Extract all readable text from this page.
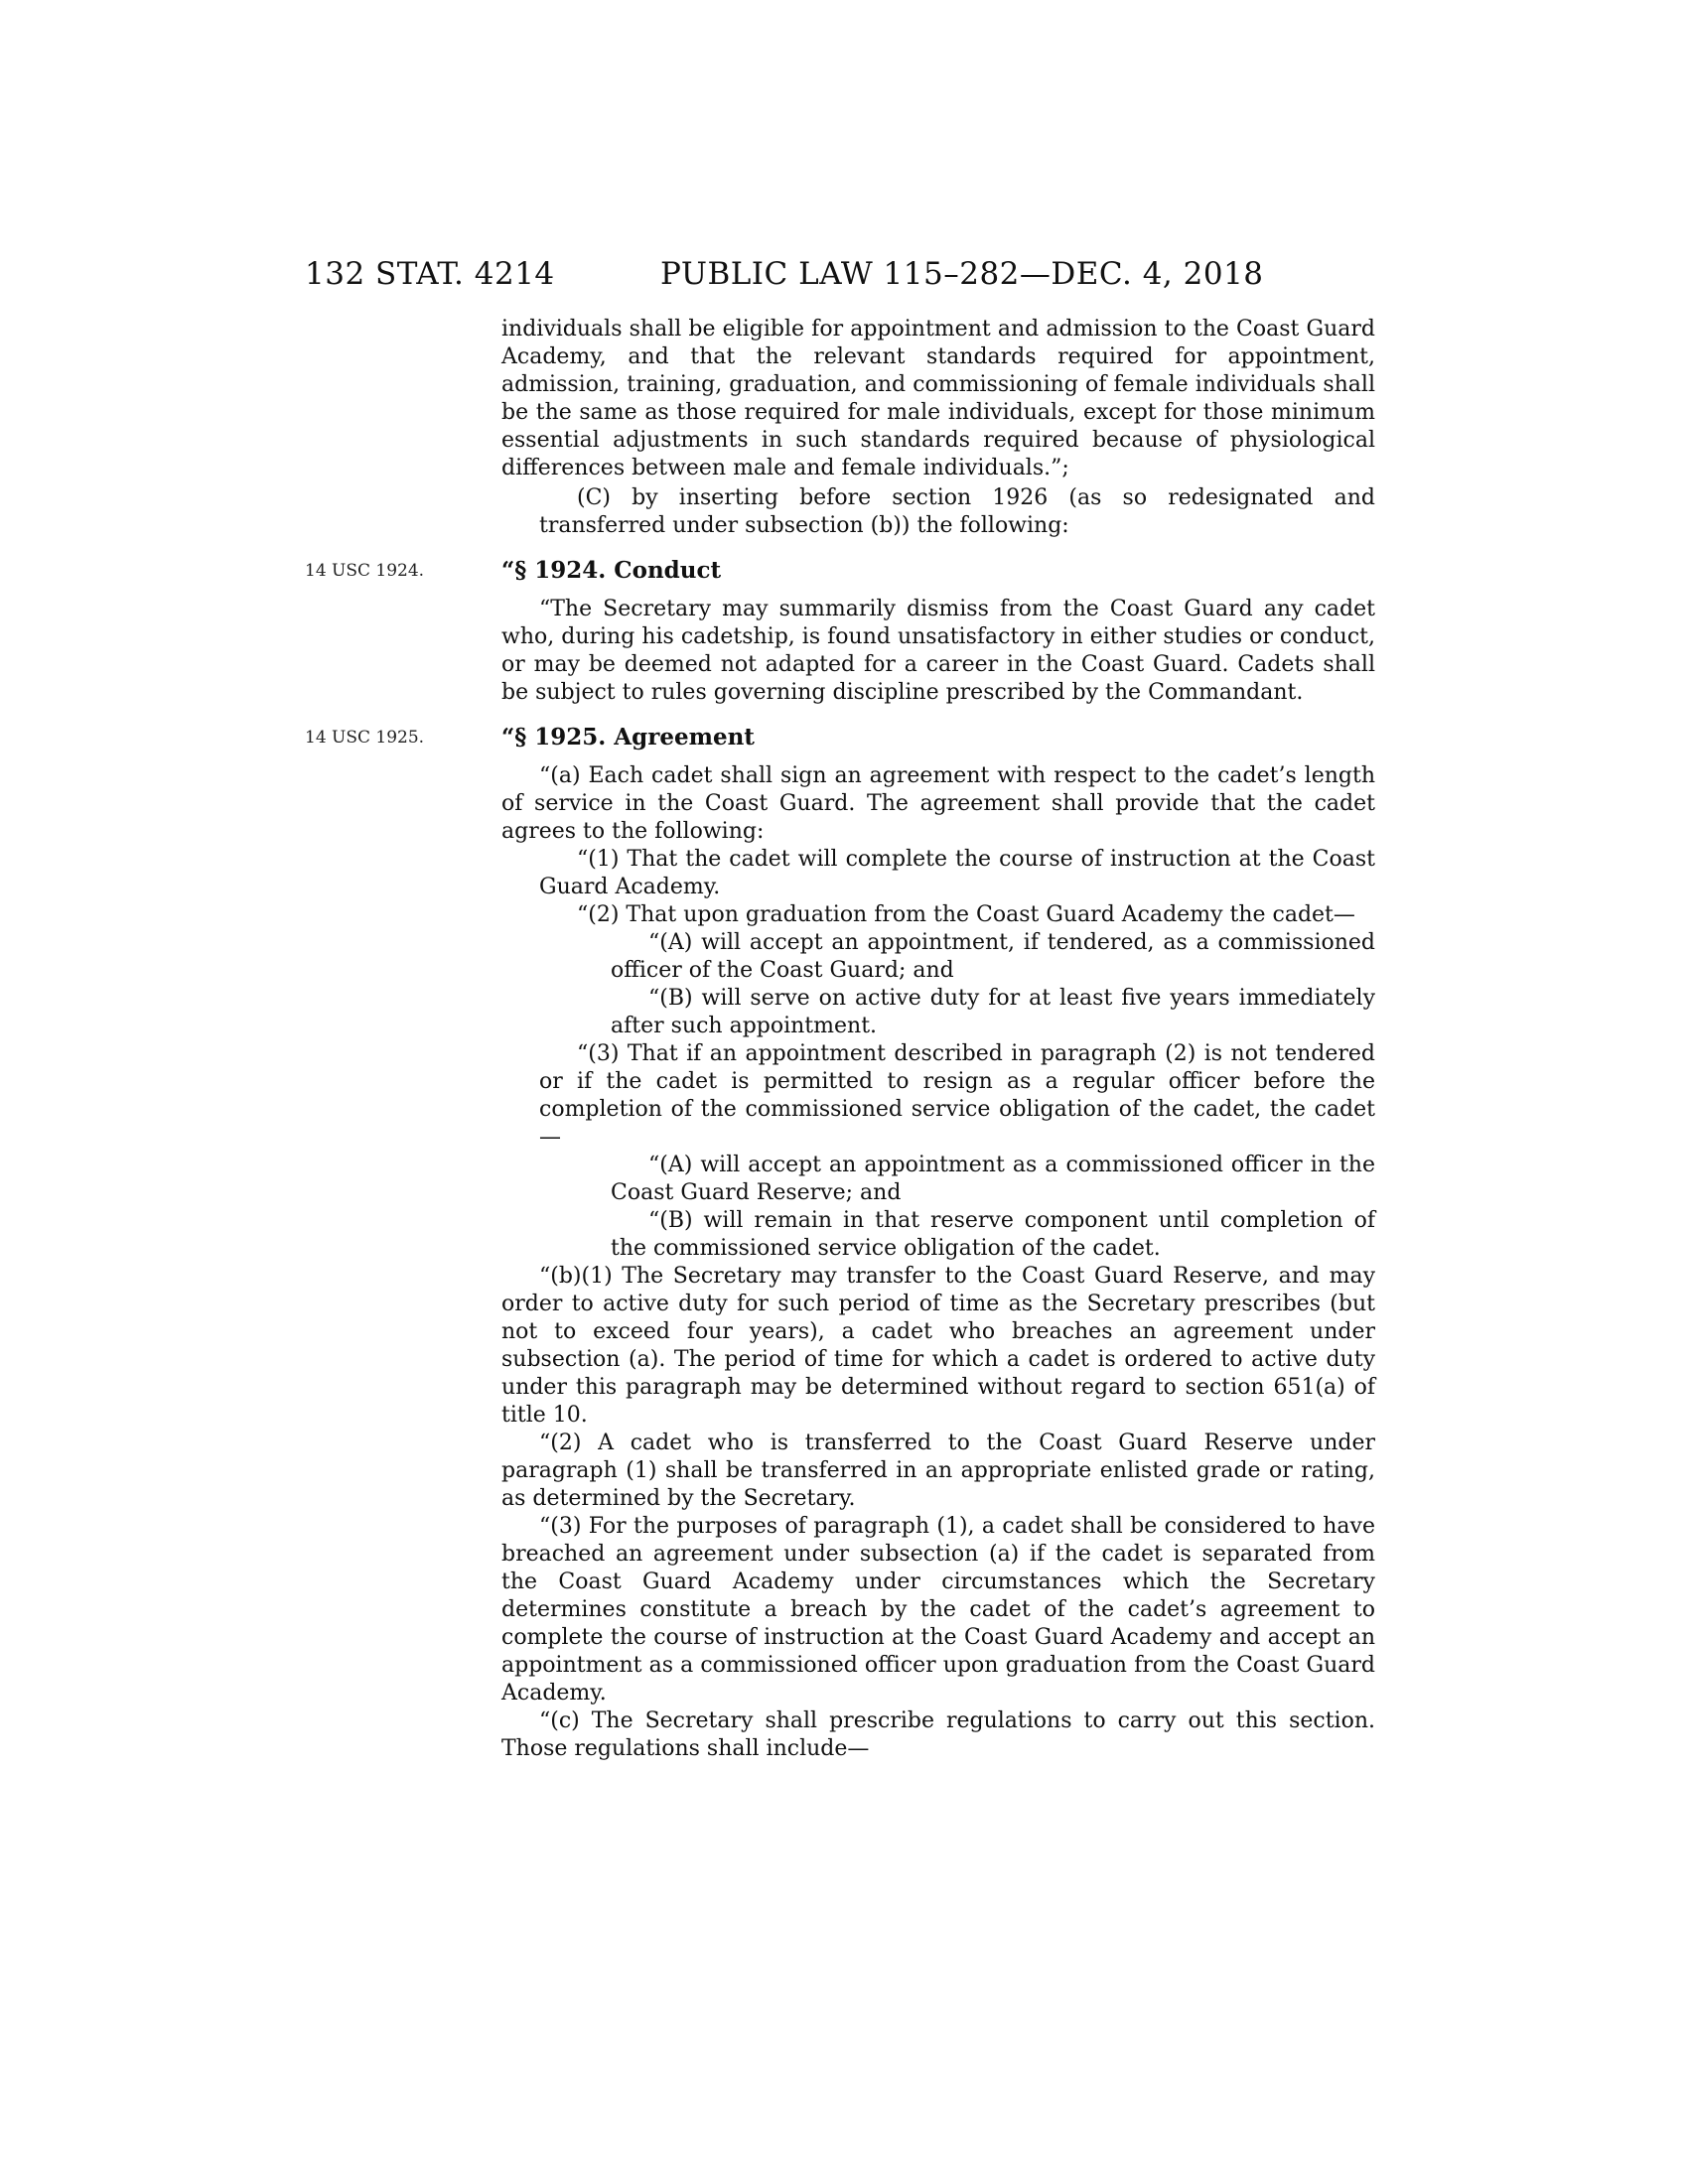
132 STAT. 4214	PUBLIC LAW 115–282—DEC. 4, 2018

individuals shall be eligible for appointment and admission to the Coast Guard Academy, and that the relevant standards required for appointment, admission, training, graduation, and commissioning of female individuals shall be the same as those required for male individuals, except for those minimum essential adjustments in such standards required because of physiological differences between male and female individuals.”;

(C) by inserting before section 1926 (as so redesignated and transferred under subsection (b)) the following:

14 USC 1924.	“§ 1924. Conduct

“The Secretary may summarily dismiss from the Coast Guard any cadet who, during his cadetship, is found unsatisfactory in either studies or conduct, or may be deemed not adapted for a career in the Coast Guard. Cadets shall be subject to rules governing discipline prescribed by the Commandant.

14 USC 1925.	“§ 1925. Agreement

“(a) Each cadet shall sign an agreement with respect to the cadet’s length of service in the Coast Guard. The agreement shall provide that the cadet agrees to the following:

“(1) That the cadet will complete the course of instruction at the Coast Guard Academy.

“(2) That upon graduation from the Coast Guard Academy the cadet—

“(A) will accept an appointment, if tendered, as a commissioned officer of the Coast Guard; and

“(B) will serve on active duty for at least five years immediately after such appointment.

“(3) That if an appointment described in paragraph (2) is not tendered or if the cadet is permitted to resign as a regular officer before the completion of the commissioned service obligation of the cadet, the cadet—

“(A) will accept an appointment as a commissioned officer in the Coast Guard Reserve; and

“(B) will remain in that reserve component until completion of the commissioned service obligation of the cadet.

“(b)(1) The Secretary may transfer to the Coast Guard Reserve, and may order to active duty for such period of time as the Secretary prescribes (but not to exceed four years), a cadet who breaches an agreement under subsection (a). The period of time for which a cadet is ordered to active duty under this paragraph may be determined without regard to section 651(a) of title 10.

“(2) A cadet who is transferred to the Coast Guard Reserve under paragraph (1) shall be transferred in an appropriate enlisted grade or rating, as determined by the Secretary.

“(3) For the purposes of paragraph (1), a cadet shall be considered to have breached an agreement under subsection (a) if the cadet is separated from the Coast Guard Academy under circumstances which the Secretary determines constitute a breach by the cadet of the cadet’s agreement to complete the course of instruction at the Coast Guard Academy and accept an appointment as a commissioned officer upon graduation from the Coast Guard Academy.

“(c) The Secretary shall prescribe regulations to carry out this section. Those regulations shall include—
